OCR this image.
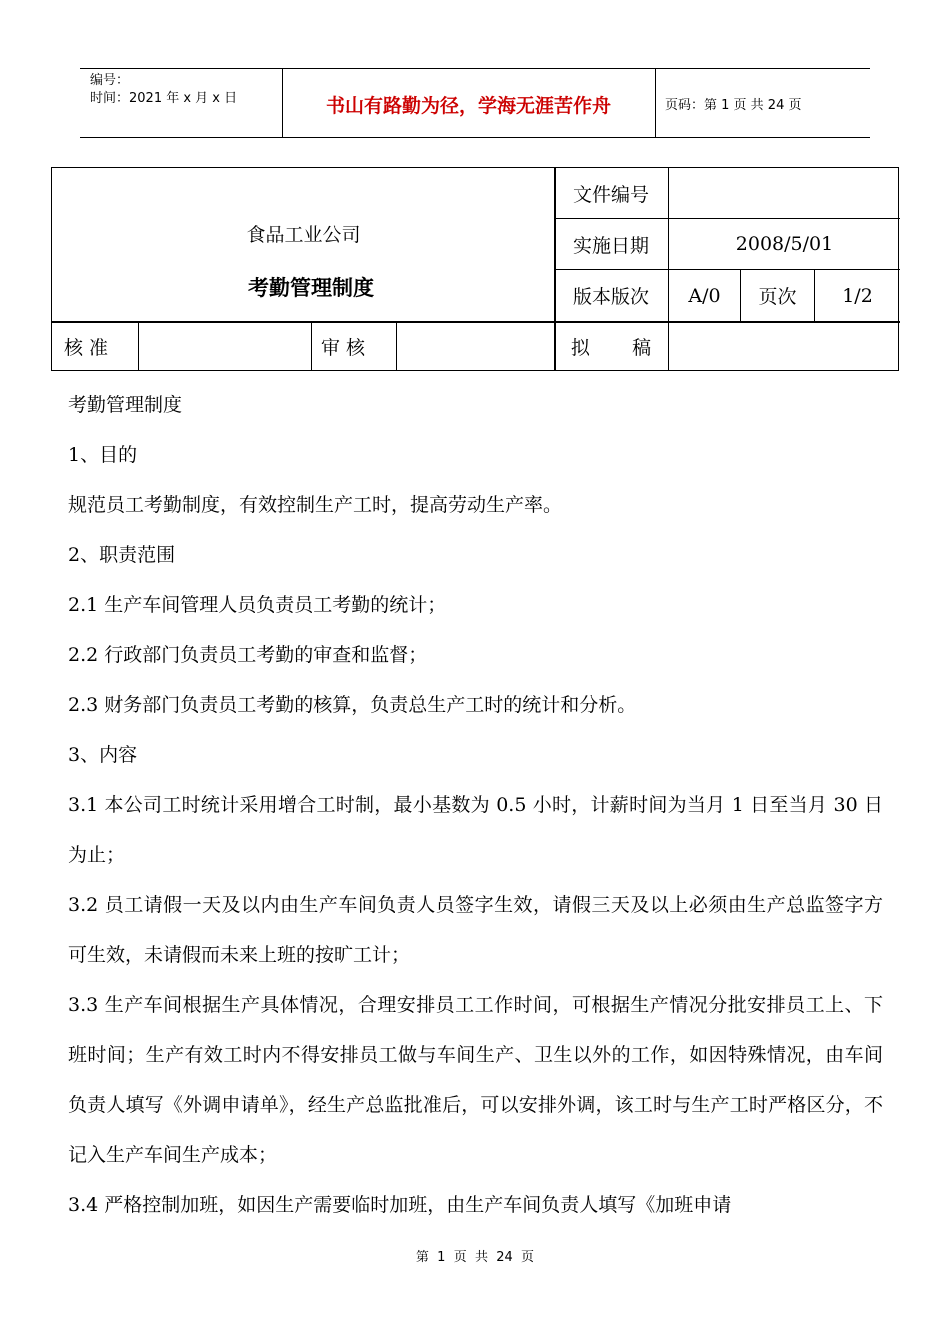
编号：
时间：2021 年 x 月 x 日	书山有路勤为径，学海无涯苦作舟	页码：第 1 页 共 24 页
食品工业公司
考勤管理制度
文件编号
实施日期	2008/5/01
版本版次	A/0	页次	1/2
核 准	审 核	拟       稿

考勤管理制度

1、目的

规范员工考勤制度，有效控制生产工时，提高劳动生产率。

2、职责范围

2.1 生产车间管理人员负责员工考勤的统计；

2.2 行政部门负责员工考勤的审查和监督；

2.3 财务部门负责员工考勤的核算，负责总生产工时的统计和分析。

3、内容

3.1 本公司工时统计采用增合工时制，最小基数为 0.5 小时，计薪时间为当月 1 日至当月 30 日为止；

3.2 员工请假一天及以内由生产车间负责人员签字生效，请假三天及以上必须由生产总监签字方可生效，未请假而未来上班的按旷工计；

3.3 生产车间根据生产具体情况，合理安排员工工作时间，可根据生产情况分批安排员工上、下班时间；生产有效工时内不得安排员工做与车间生产、卫生以外的工作，如因特殊情况，由车间负责人填写《外调申请单》，经生产总监批准后，可以安排外调，该工时与生产工时严格区分，不记入生产车间生产成本；

3.4 严格控制加班，如因生产需要临时加班，由生产车间负责人填写《加班申请

第  1  页  共  24  页
